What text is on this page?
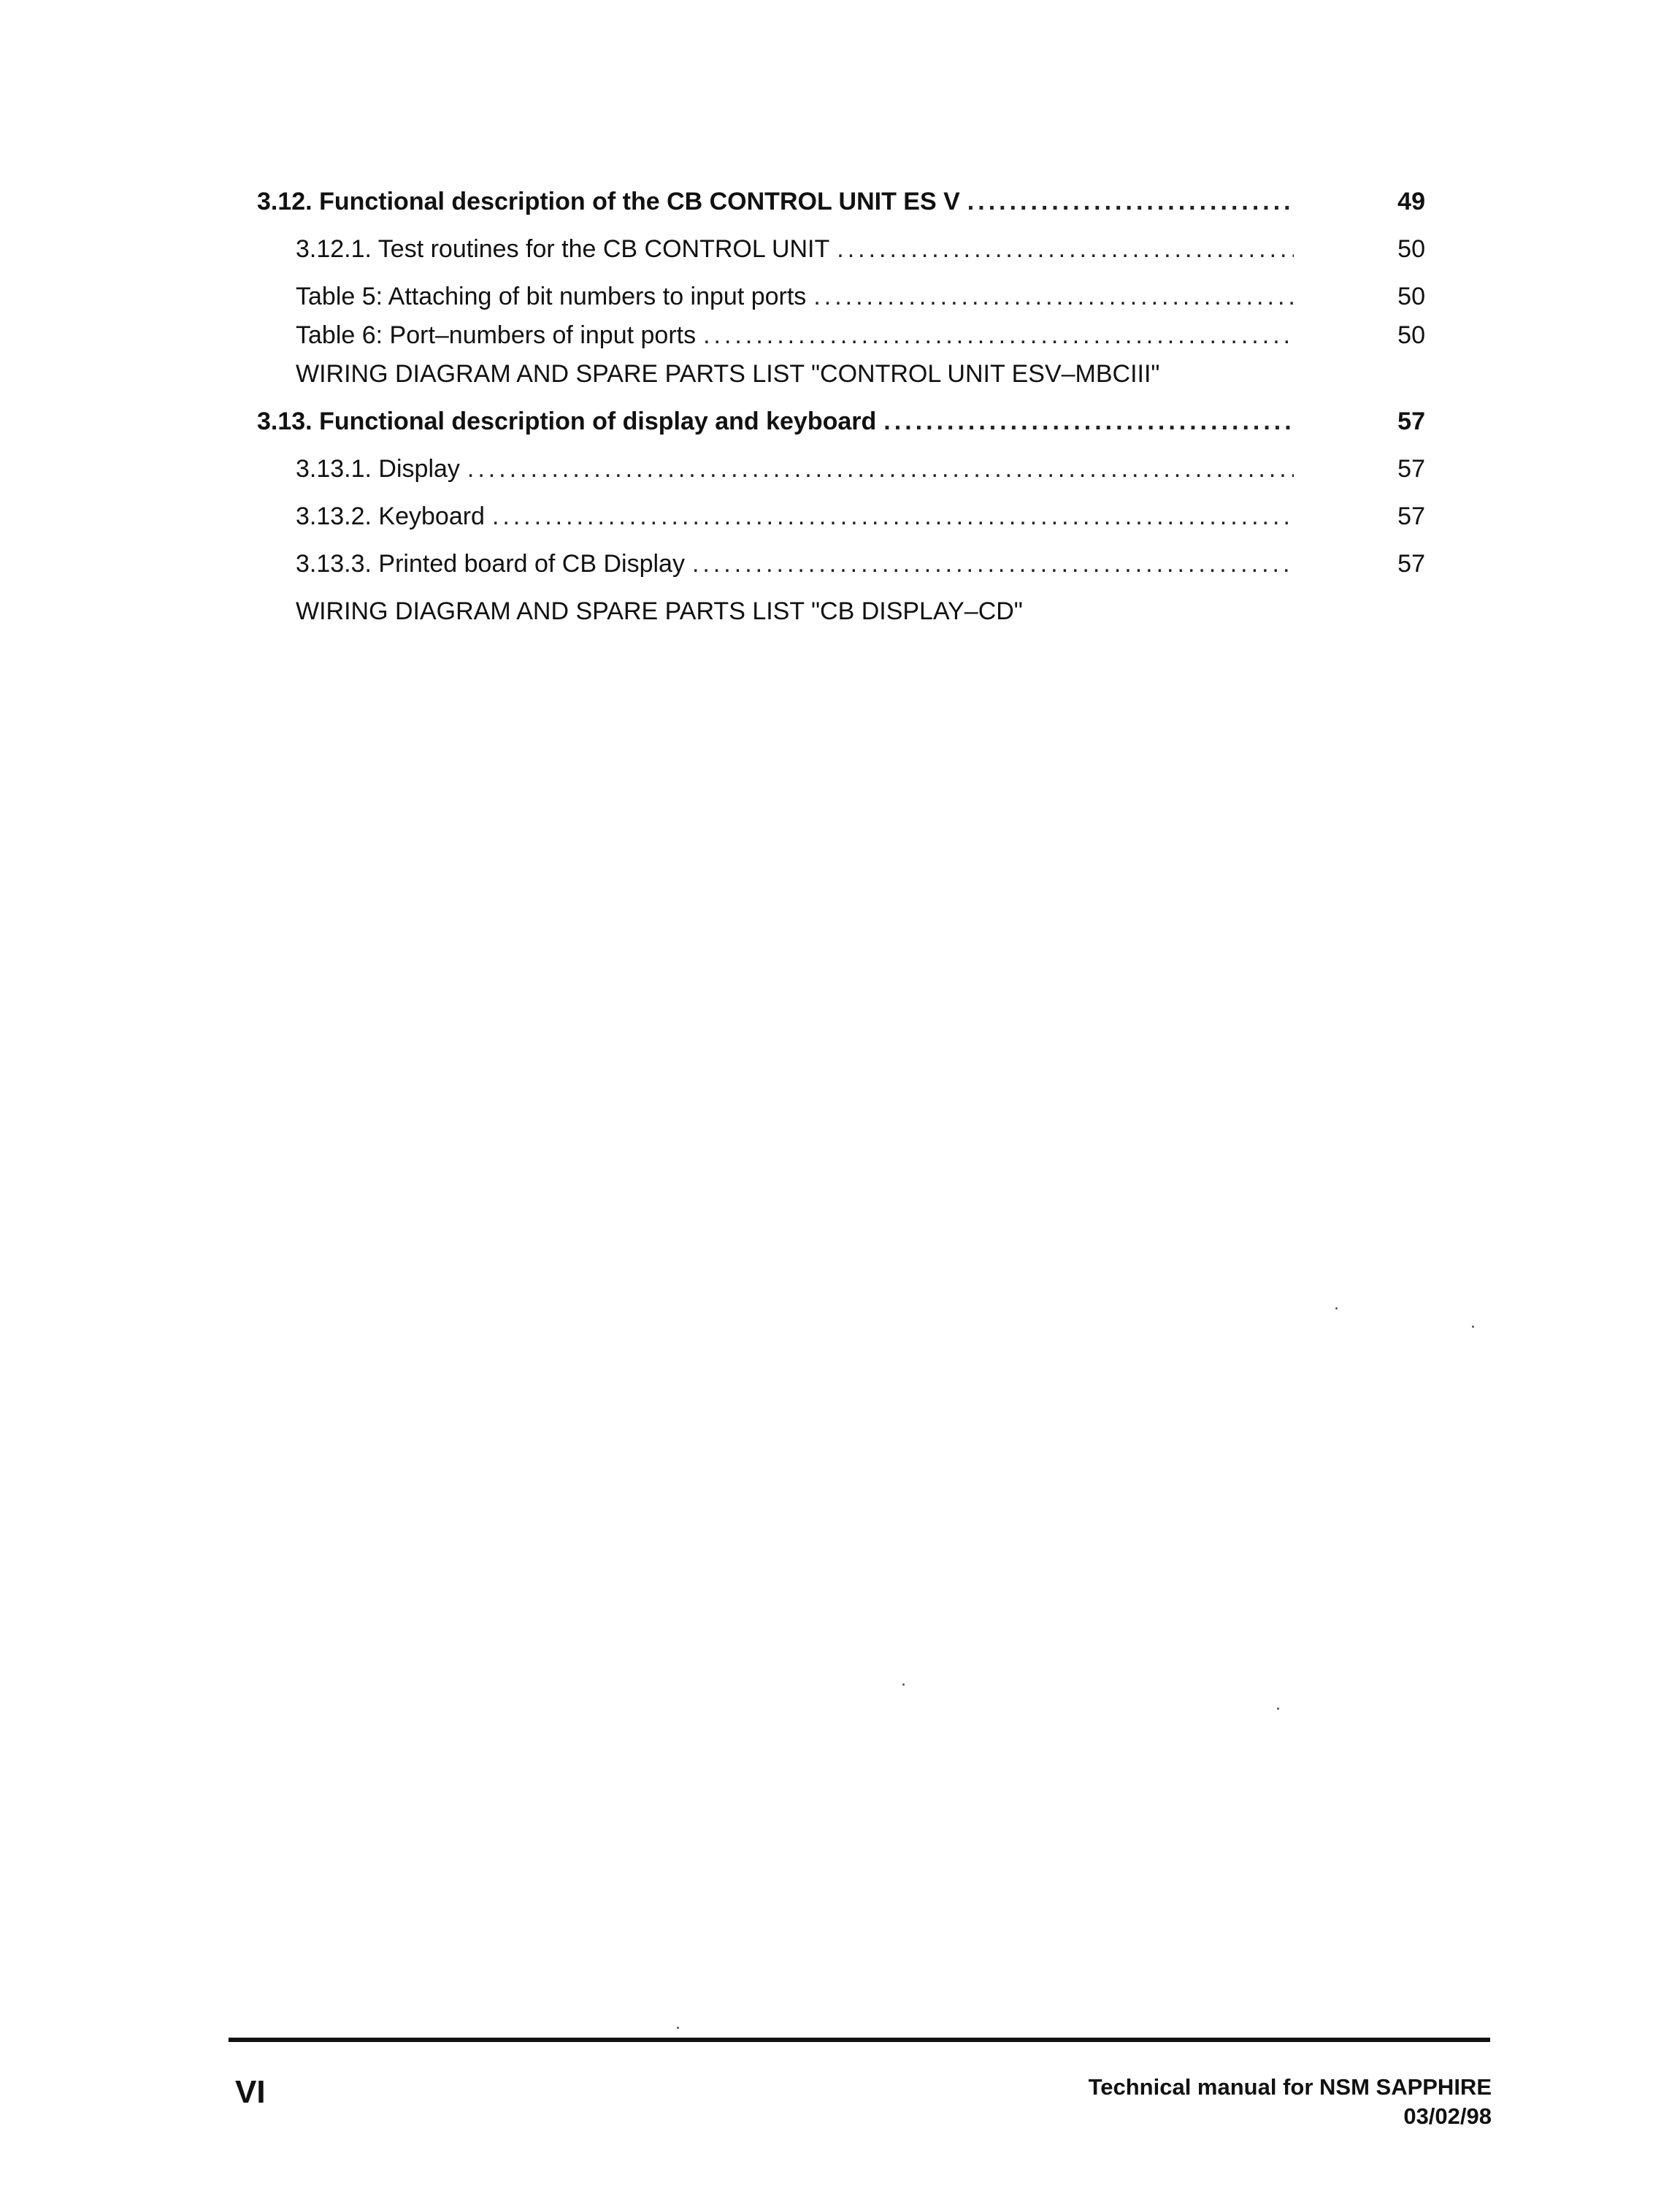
3.12. Functional description of the CB CONTROL UNIT ES V .....	49
3.12.1. Test routines for the CB CONTROL UNIT .....	50
Table 5: Attaching of bit numbers to input ports .....	50
Table 6: Port–numbers of input ports .....	50
WIRING DIAGRAM AND SPARE PARTS LIST "CONTROL UNIT ESV–MBCIII"
3.13. Functional description of display and keyboard .....	57
3.13.1. Display .....	57
3.13.2. Keyboard .....	57
3.13.3. Printed board of CB Display .....	57
WIRING DIAGRAM AND SPARE PARTS LIST "CB DISPLAY–CD"
VI	Technical manual for NSM SAPPHIRE
03/02/98
